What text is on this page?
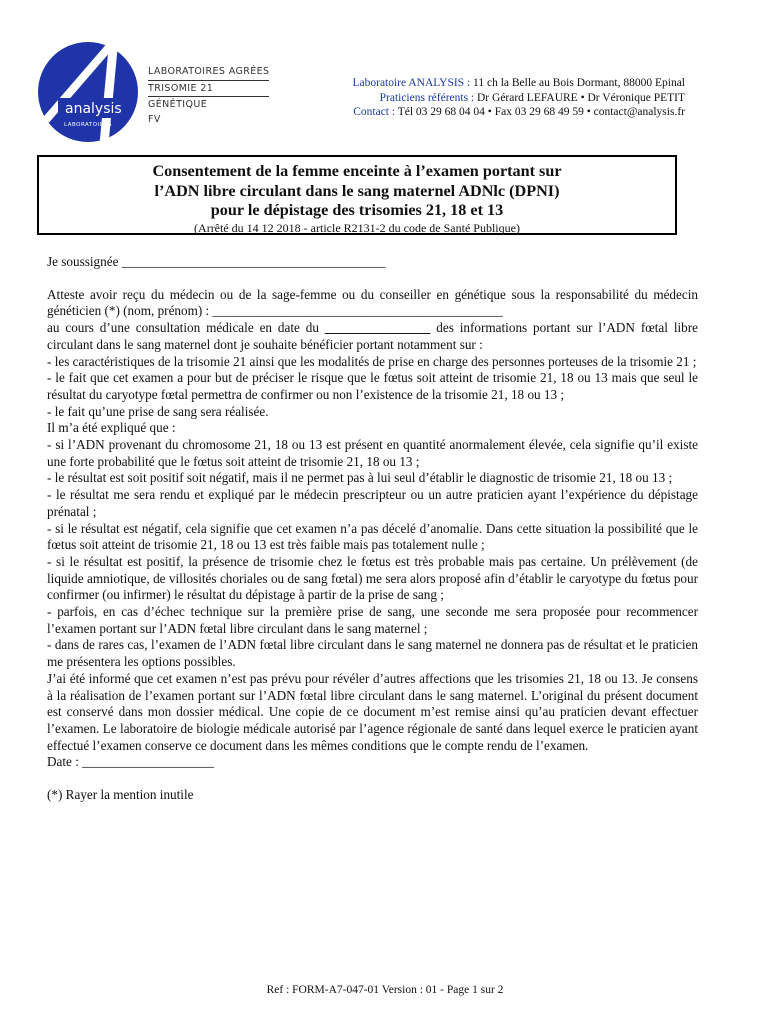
analysis
LABORATOIRES
LABORATOIRES AGRÉES
TRISOMIE 21
GÉNÉTIQUE
FV
Laboratoire ANALYSIS : 11 ch la Belle au Bois Dormant, 88000 Epinal
Praticiens référents : Dr Gérard LEFAURE • Dr Véronique PETIT
Contact : Tél 03 29 68 04 04 • Fax 03 29 68 49 59 • contact@analysis.fr
Consentement de la femme enceinte à l’examen portant sur
l’ADN libre circulant dans le sang maternel ADNlc (DPNI)
pour le dépistage des trisomies 21, 18 et 13
(Arrêté du 14 12 2018 - article R2131-2 du code de Santé Publique)

Je soussignée ________________________________________

Atteste avoir reçu du médecin ou de la sage-femme ou du conseiller en génétique sous la responsabilité du médecin généticien (*) (nom, prénom) : ____________________________________________

au cours d’une consultation médicale en date du ________________ des informations portant sur l’ADN fœtal libre circulant dans le sang maternel dont je souhaite bénéficier portant notamment sur :

- les caractéristiques de la trisomie 21 ainsi que les modalités de prise en charge des personnes porteuses de la trisomie 21 ;

- le fait que cet examen a pour but de préciser le risque que le fœtus soit atteint de trisomie 21, 18 ou 13 mais que seul le résultat du caryotype fœtal permettra de confirmer ou non l’existence de la trisomie 21, 18 ou 13 ;

- le fait qu’une prise de sang sera réalisée.

Il m’a été expliqué que :

- si l’ADN provenant du chromosome 21, 18 ou 13 est présent en quantité anormalement élevée, cela signifie qu’il existe une forte probabilité que le fœtus soit atteint de trisomie 21, 18 ou 13 ;

- le résultat est soit positif soit négatif, mais il ne permet pas à lui seul d’établir le diagnostic de trisomie 21, 18 ou 13 ;

- le résultat me sera rendu et expliqué par le médecin prescripteur ou un autre praticien ayant l’expérience du dépistage prénatal ;

- si le résultat est négatif, cela signifie que cet examen n’a pas décelé d’anomalie. Dans cette situation la possibilité que le fœtus soit atteint de trisomie 21, 18 ou 13 est très faible mais pas totalement nulle ;

- si le résultat est positif, la présence de trisomie chez le fœtus est très probable mais pas certaine. Un prélèvement (de liquide amniotique, de villosités choriales ou de sang fœtal) me sera alors proposé afin d’établir le caryotype du fœtus pour confirmer (ou infirmer) le résultat du dépistage à partir de la prise de sang ;

- parfois, en cas d’échec technique sur la première prise de sang, une seconde me sera proposée pour recommencer l’examen portant sur l’ADN fœtal libre circulant dans le sang maternel ;

- dans de rares cas, l’examen de l’ADN fœtal libre circulant dans le sang maternel ne donnera pas de résultat et le praticien me présentera les options possibles.

J’ai été informé que cet examen n’est pas prévu pour révéler d’autres affections que les trisomies 21, 18 ou 13. Je consens à la réalisation de l’examen portant sur l’ADN fœtal libre circulant dans le sang maternel. L’original du présent document est conservé dans mon dossier médical. Une copie de ce document m’est remise ainsi qu’au praticien devant effectuer l’examen. Le laboratoire de biologie médicale autorisé par l’agence régionale de santé dans lequel exerce le praticien ayant effectué l’examen conserve ce document dans les mêmes conditions que le compte rendu de l’examen.

Date : ____________________

(*) Rayer la mention inutile

Ref : FORM-A7-047-01 Version : 01 - Page 1 sur 2
